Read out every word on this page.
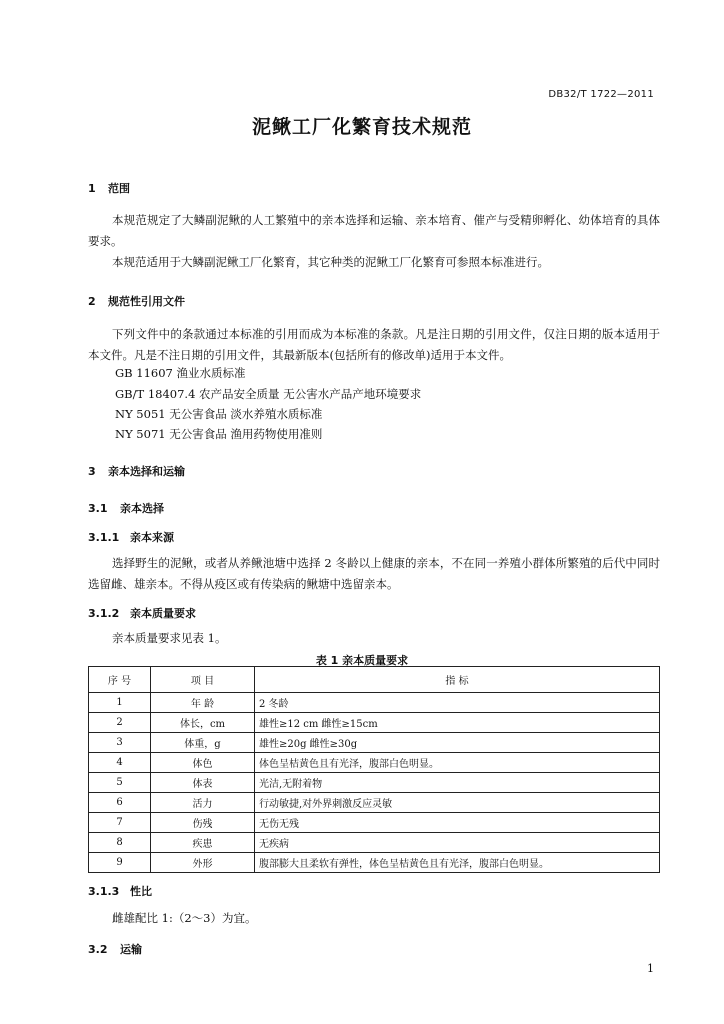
DB32/T 1722—2011
泥鳅工厂化繁育技术规范
1 范围
本规范规定了大鳞副泥鳅的人工繁殖中的亲本选择和运输、亲本培育、催产与受精卵孵化、幼体培育的具体要求。
本规范适用于大鳞副泥鳅工厂化繁育，其它种类的泥鳅工厂化繁育可参照本标准进行。
2 规范性引用文件
下列文件中的条款通过本标准的引用而成为本标准的条款。凡是注日期的引用文件，仅注日期的版本适用于本文件。凡是不注日期的引用文件，其最新版本(包括所有的修改单)适用于本文件。
GB 11607 渔业水质标准
GB/T 18407.4 农产品安全质量 无公害水产品产地环境要求
NY 5051 无公害食品 淡水养殖水质标准
NY 5071 无公害食品 渔用药物使用准则
3 亲本选择和运输
3.1 亲本选择
3.1.1 亲本来源
选择野生的泥鳅，或者从养鳅池塘中选择 2 冬龄以上健康的亲本，不在同一养殖小群体所繁殖的后代中同时选留雌、雄亲本。不得从疫区或有传染病的鳅塘中选留亲本。
3.1.2 亲本质量要求
亲本质量要求见表 1。
表 1 亲本质量要求
序 号	项 目	指 标
1	年 龄	2 冬龄
2	体长，cm	雄性≥12 cm 雌性≥15cm
3	体重，g	雄性≥20g 雌性≥30g
4	体色	体色呈桔黄色且有光泽，腹部白色明显。
5	体表	光洁,无附着物
6	活力	行动敏捷,对外界刺激反应灵敏
7	伤残	无伤无残
8	疾患	无疾病
9	外形	腹部膨大且柔软有弹性，体色呈桔黄色且有光泽，腹部白色明显。
3.1.3 性比
雌雄配比 1:（2～3）为宜。
3.2 运输
1
